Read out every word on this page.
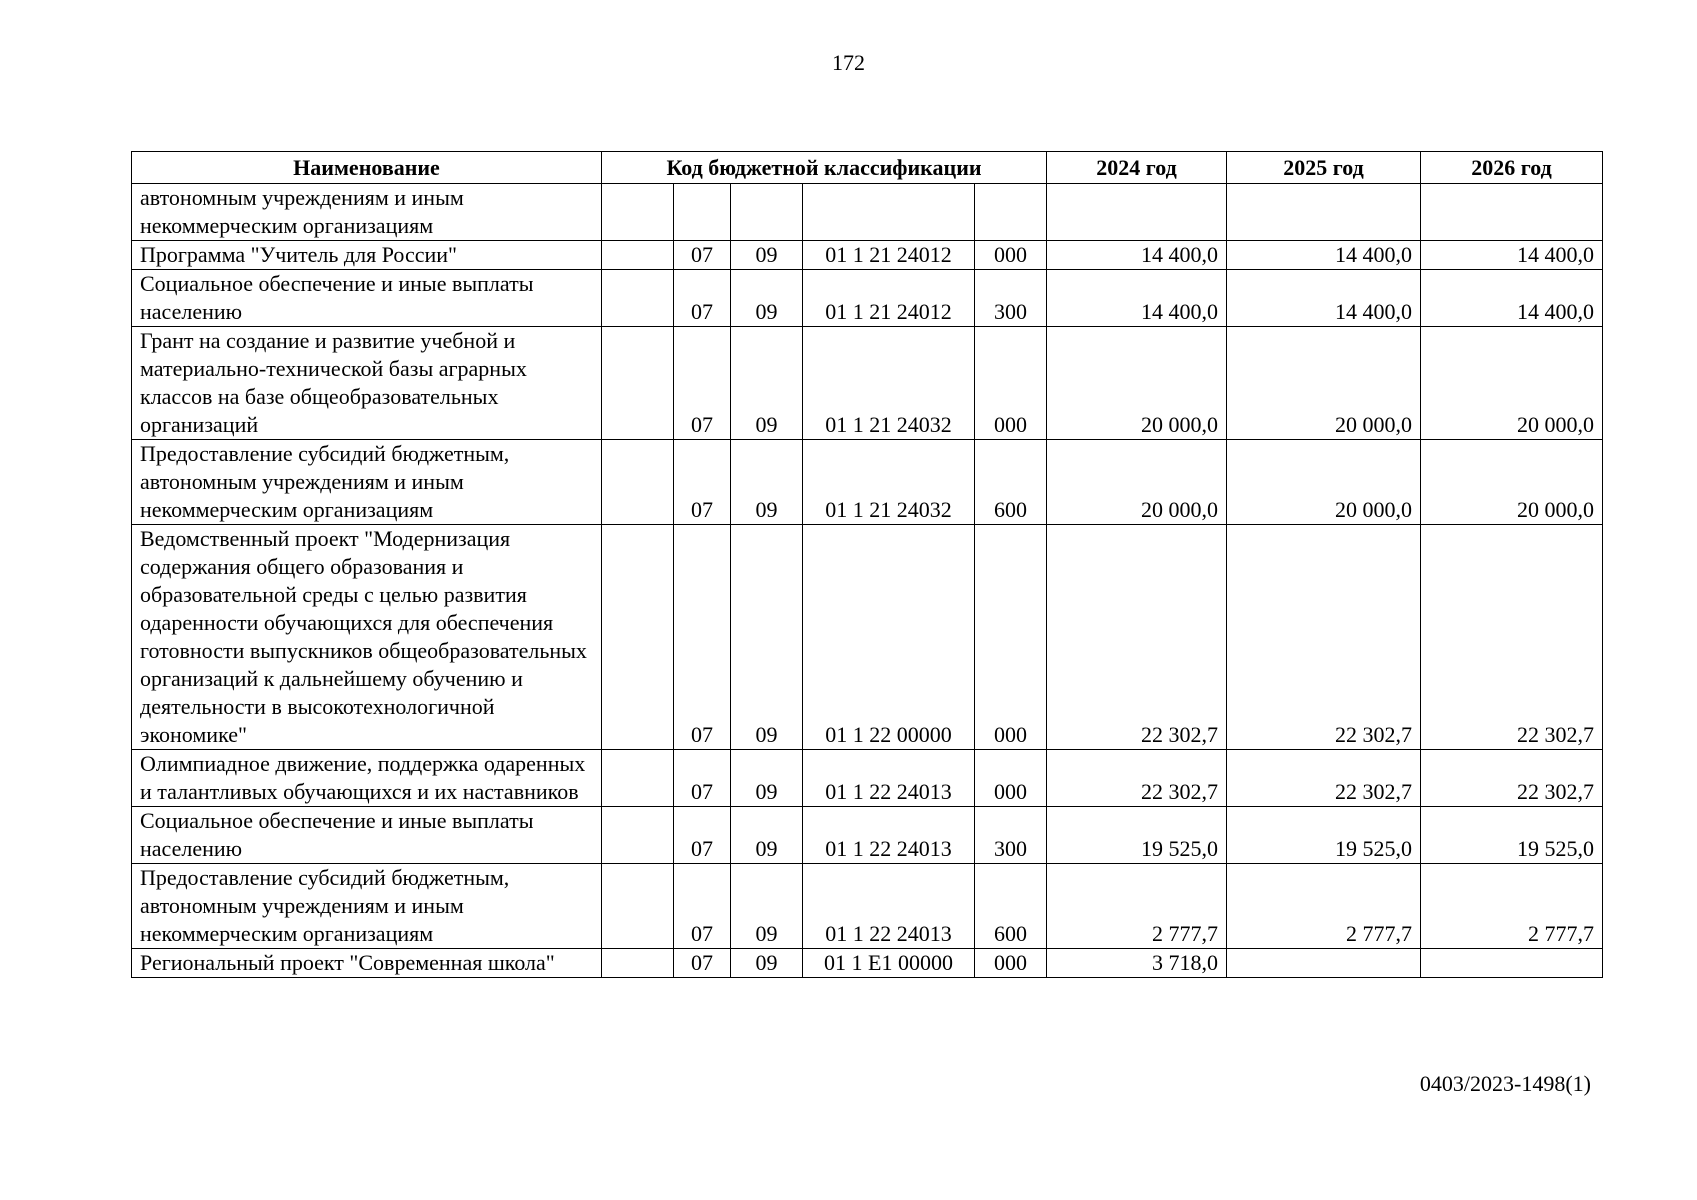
172
Наименование	Код бюджетной классификации					2024 год	2025 год	2026 год
автономным учреждениям и иным некоммерческим организациям								
Программа "Учитель для России"		07	09	01 1 21 24012	000	14 400,0	14 400,0	14 400,0
Социальное обеспечение и иные выплаты населению		07	09	01 1 21 24012	300	14 400,0	14 400,0	14 400,0
Грант на создание и развитие учебной и материально-технической базы аграрных классов на базе общеобразовательных организаций		07	09	01 1 21 24032	000	20 000,0	20 000,0	20 000,0
Предоставление субсидий бюджетным, автономным учреждениям и иным некоммерческим организациям		07	09	01 1 21 24032	600	20 000,0	20 000,0	20 000,0
Ведомственный проект "Модернизация содержания общего образования и образовательной среды с целью развития одаренности обучающихся для обеспечения готовности выпускников общеобразовательных организаций к дальнейшему обучению и деятельности в высокотехнологичной экономике"		07	09	01 1 22 00000	000	22 302,7	22 302,7	22 302,7
Олимпиадное движение, поддержка одаренных и талантливых обучающихся и их наставников		07	09	01 1 22 24013	000	22 302,7	22 302,7	22 302,7
Социальное обеспечение и иные выплаты населению		07	09	01 1 22 24013	300	19 525,0	19 525,0	19 525,0
Предоставление субсидий бюджетным, автономным учреждениям и иным некоммерческим организациям		07	09	01 1 22 24013	600	2 777,7	2 777,7	2 777,7
Региональный проект "Современная школа"		07	09	01 1 Е1 00000	000	3 718,0		
0403/2023-1498(1)
